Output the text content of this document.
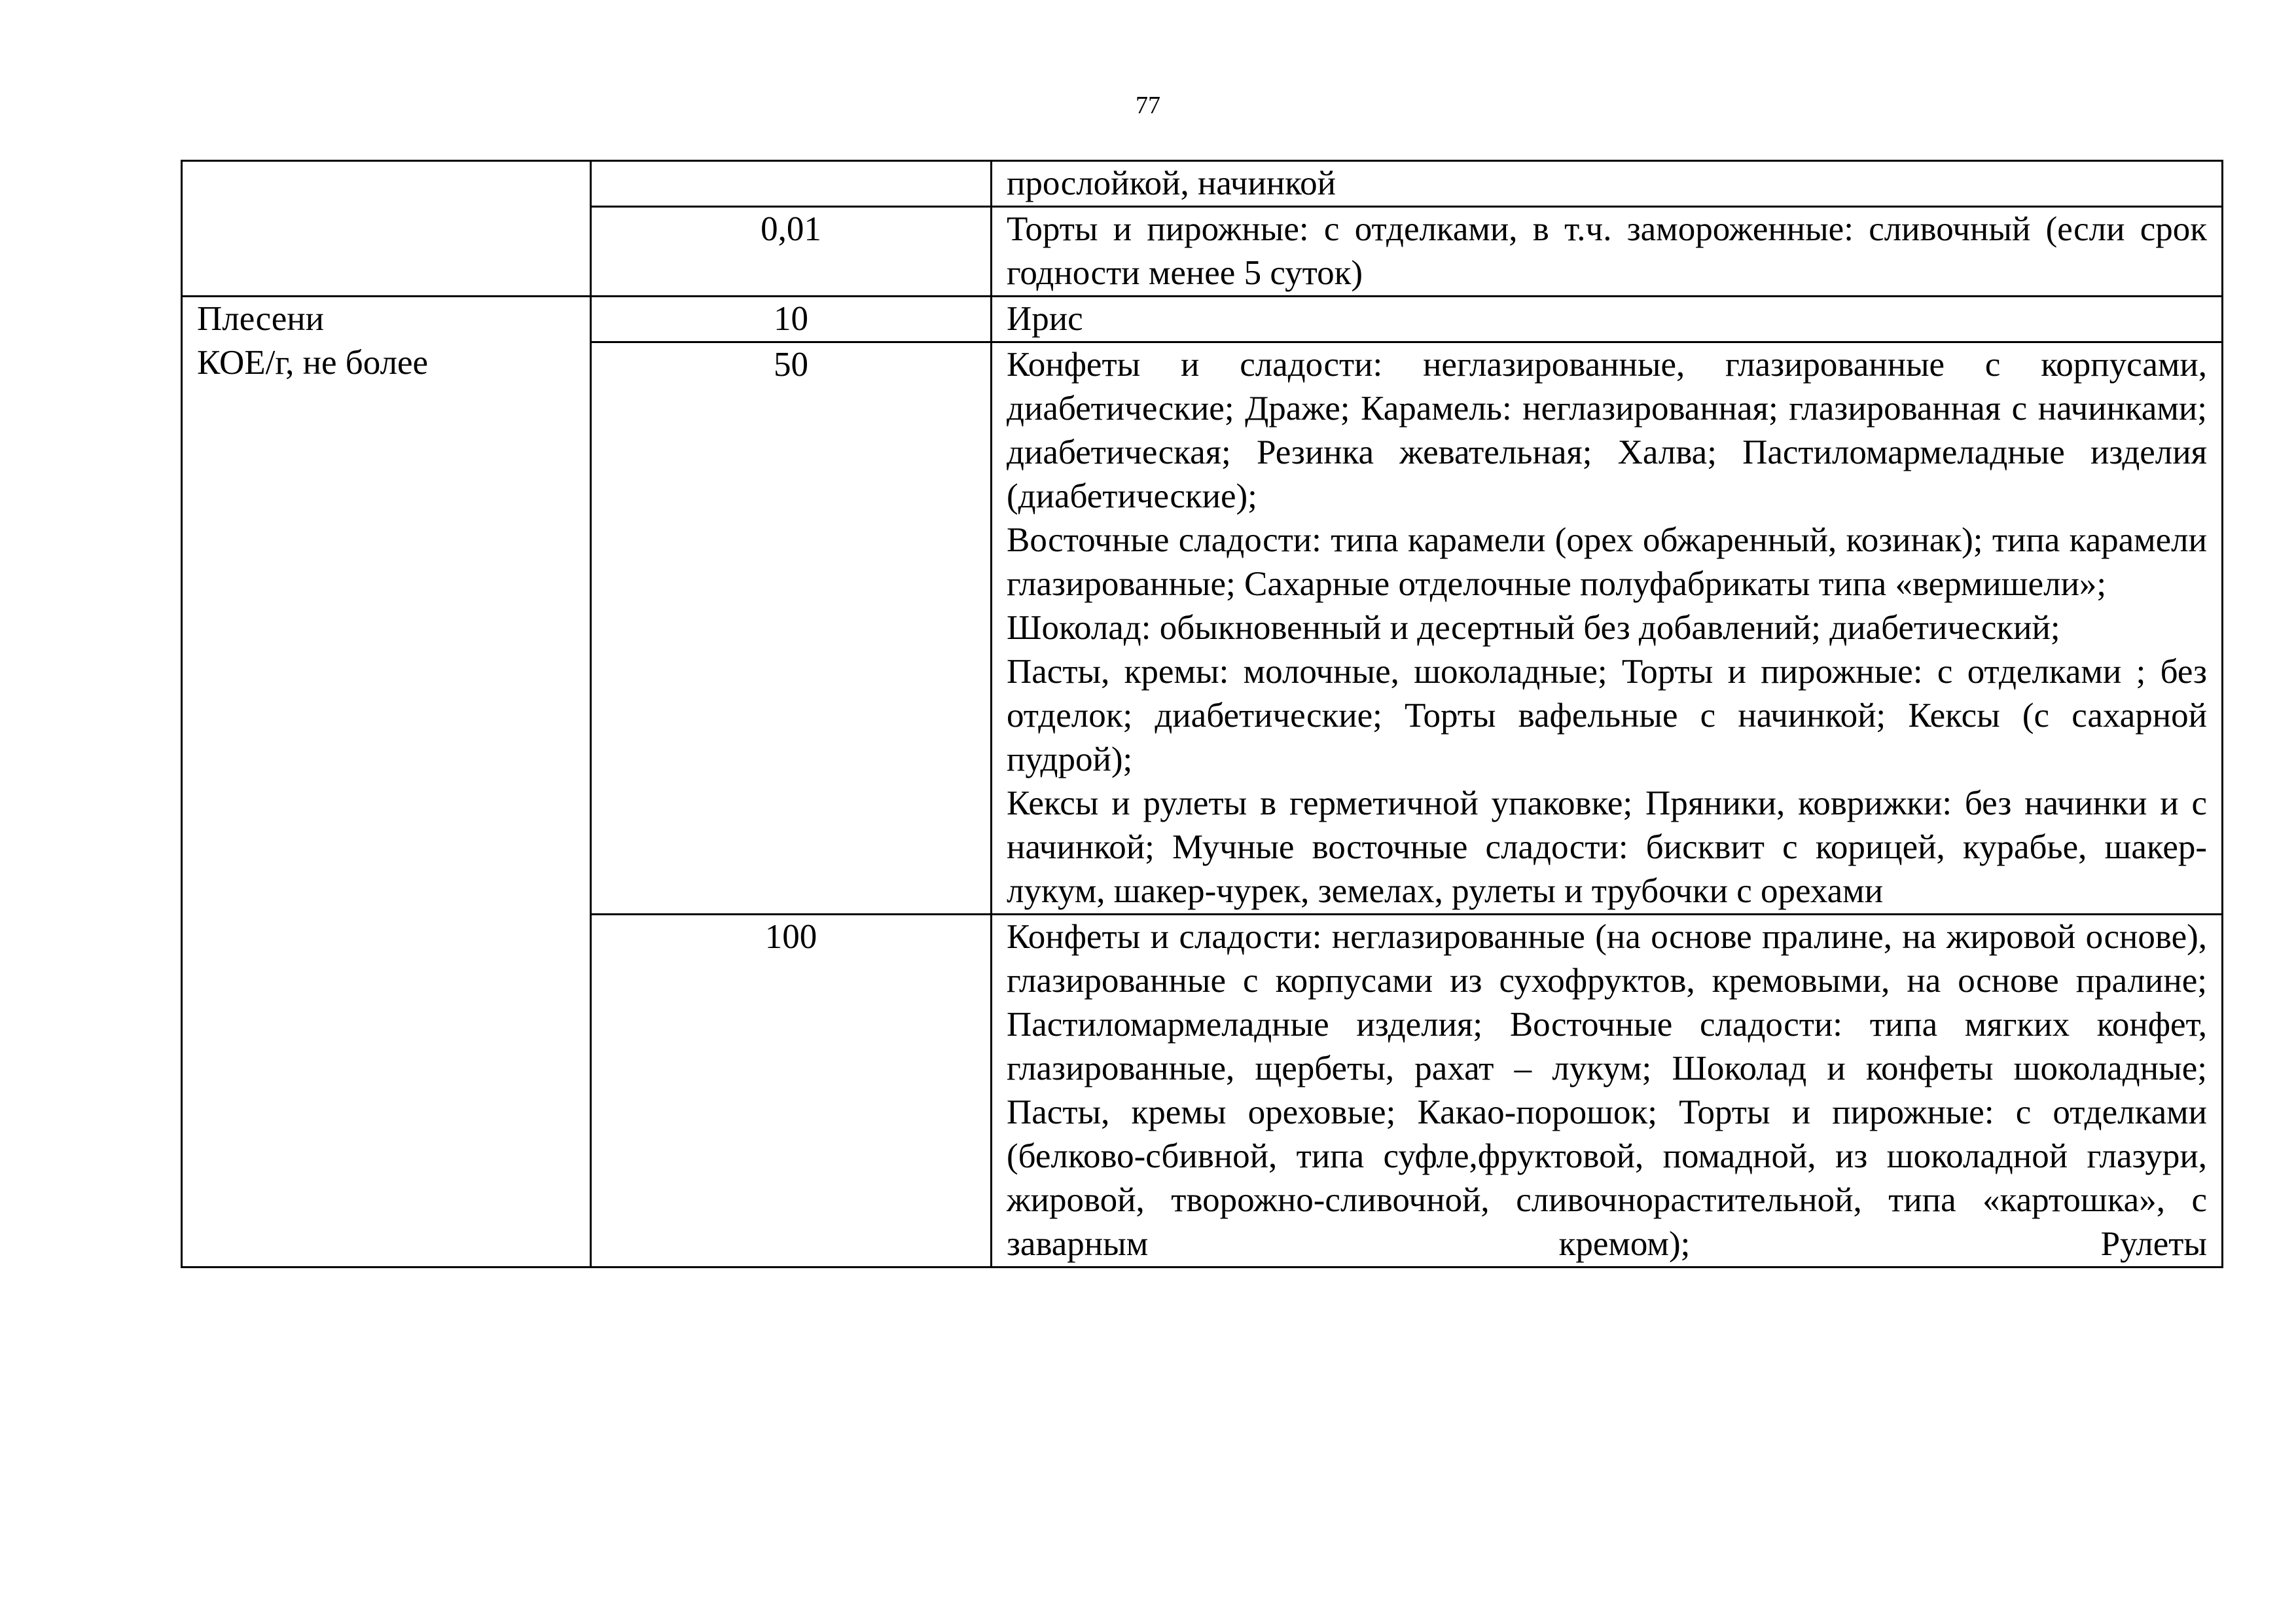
77

		прослойкой, начинкой

	0,01	Торты и пирожные: с отделками, в т.ч. замороженные: сливочный (если срок годности менее 5 суток)

Плесени
КОЕ/г, не более	10	Ирис

	50	Конфеты и сладости: неглазированные, глазированные с корпусами, диабетические; Драже; Карамель: неглазированная; глазированная с начинками; диабетическая; Резинка жевательная; Халва; Пастиломармеладные изделия (диабетические);

Восточные сладости: типа карамели (орех обжаренный, козинак); типа карамели глазированные; Сахарные отделочные полуфабрикаты типа «вермишели»;

Шоколад: обыкновенный и десертный без добавлений; диабетический;

Пасты, кремы: молочные, шоколадные; Торты и пирожные: с отделками ; без отделок; диабетические; Торты вафельные с начинкой; Кексы (с сахарной пудрой);

Кексы и рулеты в герметичной упаковке; Пряники, коврижки: без начинки и с начинкой; Мучные восточные сладости: бисквит с корицей, курабье, шакер-лукум, шакер-чурек, земелах, рулеты и трубочки с орехами

	100	Конфеты и сладости: неглазированные (на основе пралине, на жировой основе), глазированные с корпусами из сухофруктов, кремовыми, на основе пралине; Пастиломармеладные изделия; Восточные сладости: типа мягких конфет, глазированные, щербеты, рахат – лукум; Шоколад и конфеты шоколадные; Пасты, кремы ореховые; Какао-порошок; Торты и пирожные: с отделками (белково-сбивной, типа суфле,фруктовой, помадной, из шоколадной глазури, жировой, творожно-сливочной, сливочнорастительной, типа «картошка», с заварным кремом); Рулеты
